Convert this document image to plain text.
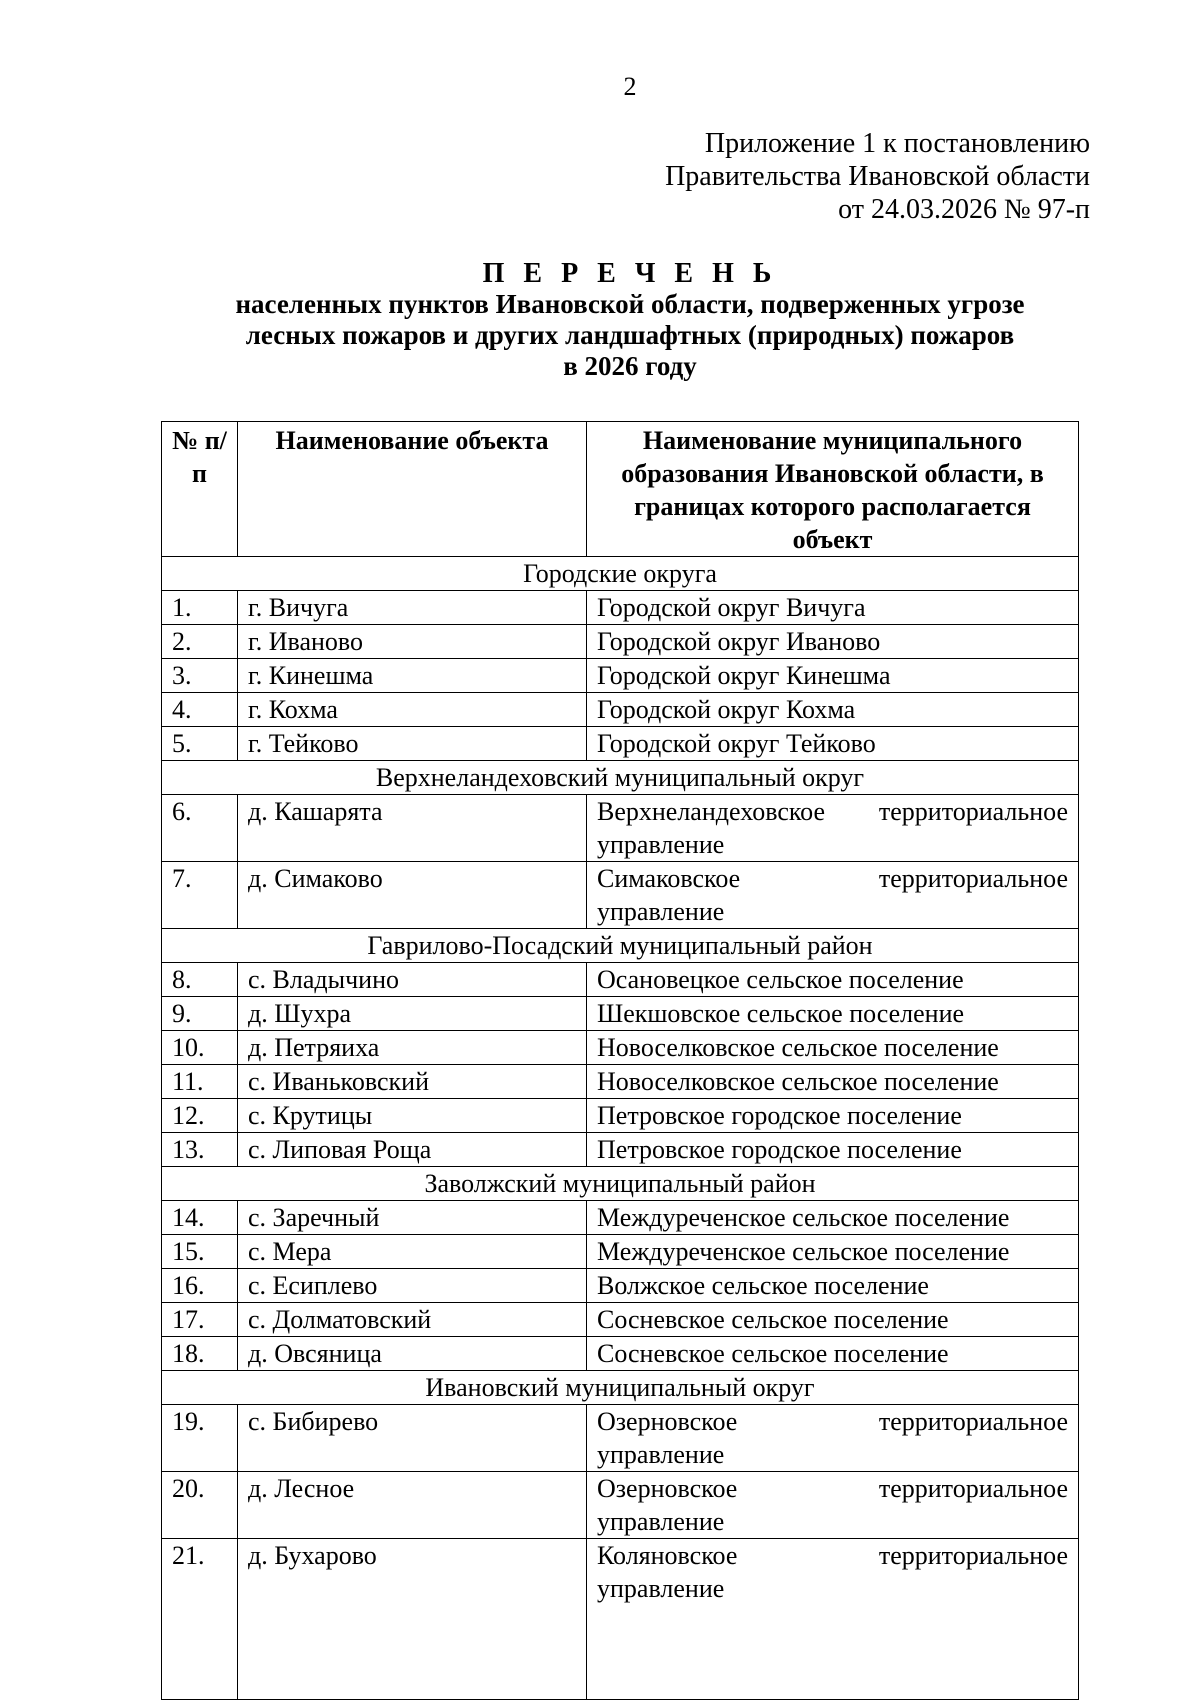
2
Приложение 1 к постановлению
Правительства Ивановской области
от 24.03.2026 № 97-п
П Е Р Е Ч Е Н Ь
населенных пунктов Ивановской области, подверженных угрозе
лесных пожаров и других ландшафтных (природных) пожаров
в 2026 году
№ п/п	Наименование объекта	Наименование муниципального образования Ивановской области, в границах которого располагается объект
Городские округа		
1.	г. Вичуга	Городской округ Вичуга
2.	г. Иваново	Городской округ Иваново
3.	г. Кинешма	Городской округ Кинешма
4.	г. Кохма	Городской округ Кохма
5.	г. Тейково	Городской округ Тейково
Верхнеландеховский муниципальный округ		
6.	д. Кашарята	Верхнеландеховское территориальное
управление
7.	д. Симаково	Симаковское территориальное
управление
Гаврилово-Посадский муниципальный район		
8.	с. Владычино	Осановецкое сельское поселение
9.	д. Шухра	Шекшовское сельское поселение
10.	д. Петряиха	Новоселковское сельское поселение
11.	с. Иваньковский	Новоселковское сельское поселение
12.	с. Крутицы	Петровское городское поселение
13.	с. Липовая Роща	Петровское городское поселение
Заволжский муниципальный район		
14.	с. Заречный	Междуреченское сельское поселение
15.	с. Мера	Междуреченское сельское поселение
16.	с. Есиплево	Волжское сельское поселение
17.	с. Долматовский	Сосневское сельское поселение
18.	д. Овсяница	Сосневское сельское поселение
Ивановский муниципальный округ		
19.	с. Бибирево	Озерновское территориальное
управление
20.	д. Лесное	Озерновское территориальное
управление
21.	д. Бухарово	Коляновское территориальное
управление
